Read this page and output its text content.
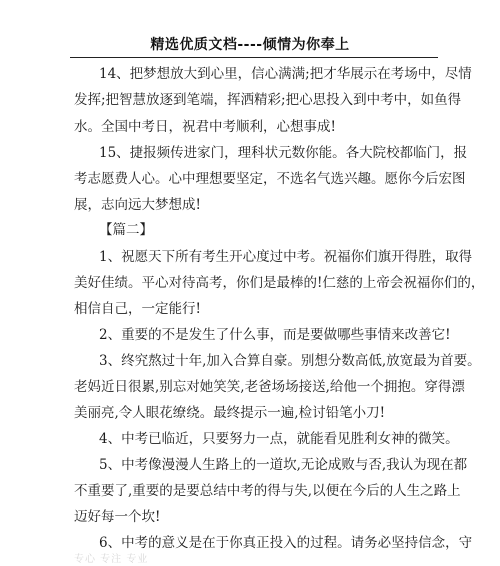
精选优质文档----倾情为你奉上
14、把梦想放大到心里，信心满满;把才华展示在考场中，尽情
发挥;把智慧放逐到笔端，挥洒精彩;把心思投入到中考中，如鱼得
水。全国中考日，祝君中考顺利，心想事成!
15、捷报频传进家门，理科状元数你能。各大院校都临门，报
考志愿费人心。心中理想要坚定，不选名气选兴趣。愿你今后宏图
展，志向远大梦想成!
【篇二】
1、祝愿天下所有考生开心度过中考。祝福你们旗开得胜，取得
美好佳绩。平心对待高考，你们是最棒的!仁慈的上帝会祝福你们的，
相信自己，一定能行!
2、重要的不是发生了什么事，而是要做哪些事情来改善它!
3、终究熬过十年,加入合算自豪。别想分数高低,放宽最为首要。
老妈近日很累,别忘对她笑笑,老爸场场接送,给他一个拥抱。穿得漂
美丽亮,令人眼花缭绕。最终提示一遍,检讨铅笔小刀!
4、中考已临近，只要努力一点，就能看见胜利女神的微笑。
5、中考像漫漫人生路上的一道坎,无论成败与否,我认为现在都
不重要了,重要的是要总结中考的得与失,以便在今后的人生之路上
迈好每一个坎!
6、中考的意义是在于你真正投入的过程。请务必坚持信念，守
专心 专注 专业
